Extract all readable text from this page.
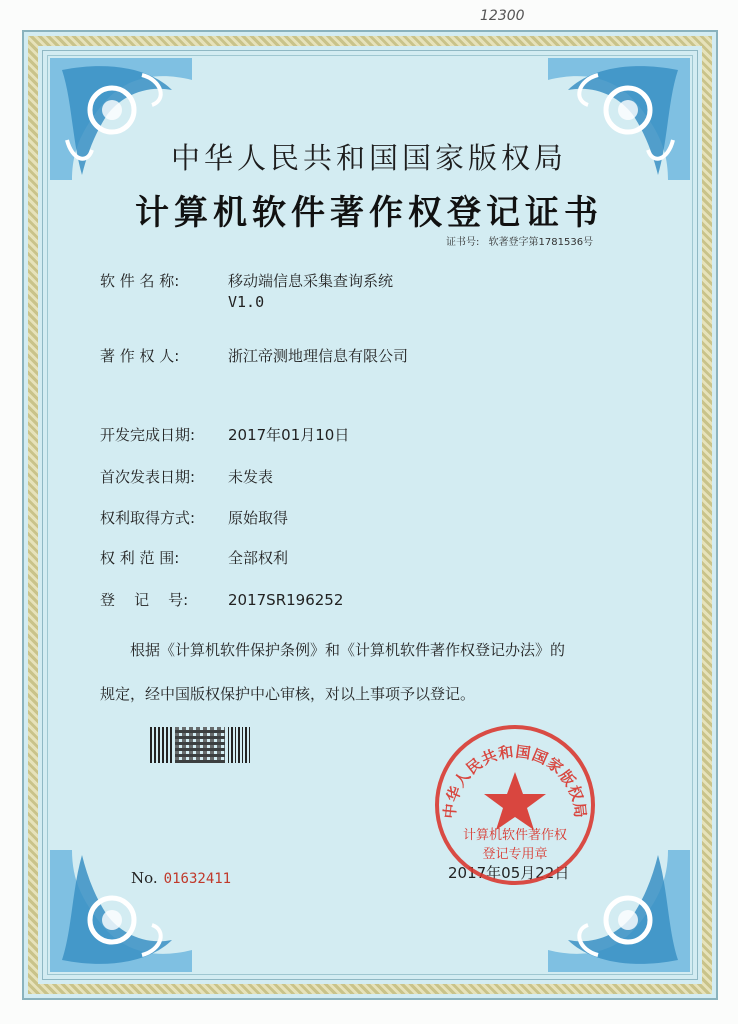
12300
中华人民共和国国家版权局
计算机软件著作权登记证书
证书号: 软著登字第1781536号
软 件 名 称:	移动端信息采集查询系统
V1.0
著 作 权 人:	浙江帝测地理信息有限公司
开发完成日期: 2017年01月10日
首次发表日期: 未发表
权利取得方式: 原始取得
权 利 范 围:	全部权利
登    记    号:	2017SR196252
根据《计算机软件保护条例》和《计算机软件著作权登记办法》的
规定，经中国版权保护中心审核，对以上事项予以登记。
No. 01632411	2017年05月22日
中华人民共和国国家版权局
计算机软件著作权
登记专用章
